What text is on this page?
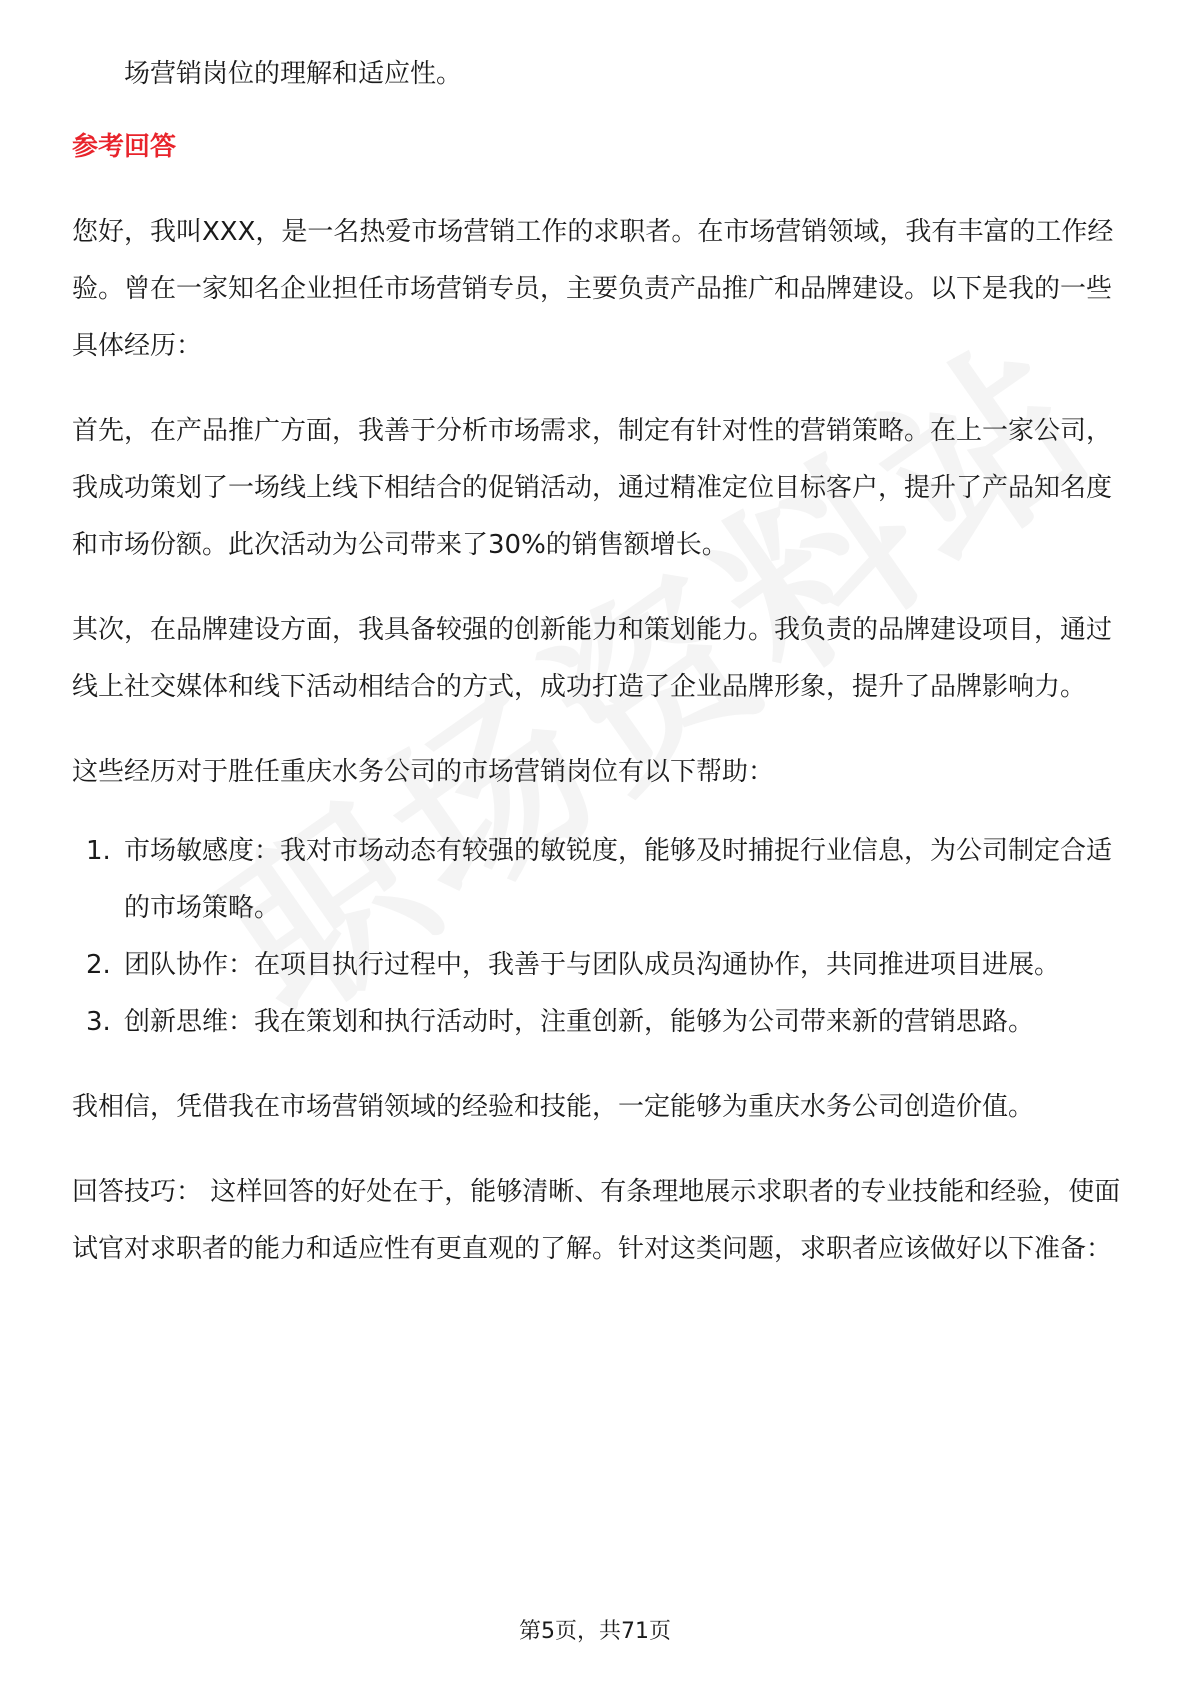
场营销岗位的理解和适应性。

参考回答

您好，我叫XXX，是一名热爱市场营销工作的求职者。在市场营销领域，我有丰富的工作经验。曾在一家知名企业担任市场营销专员，主要负责产品推广和品牌建设。以下是我的一些具体经历：

首先，在产品推广方面，我善于分析市场需求，制定有针对性的营销策略。在上一家公司，我成功策划了一场线上线下相结合的促销活动，通过精准定位目标客户，提升了产品知名度和市场份额。此次活动为公司带来了30%的销售额增长。

其次，在品牌建设方面，我具备较强的创新能力和策划能力。我负责的品牌建设项目，通过线上社交媒体和线下活动相结合的方式，成功打造了企业品牌形象，提升了品牌影响力。

这些经历对于胜任重庆水务公司的市场营销岗位有以下帮助：

1. 市场敏感度：我对市场动态有较强的敏锐度，能够及时捕捉行业信息，为公司制定合适的市场策略。
2. 团队协作：在项目执行过程中，我善于与团队成员沟通协作，共同推进项目进展。
3. 创新思维：我在策划和执行活动时，注重创新，能够为公司带来新的营销思路。

我相信，凭借我在市场营销领域的经验和技能，一定能够为重庆水务公司创造价值。

回答技巧： 这样回答的好处在于，能够清晰、有条理地展示求职者的专业技能和经验，使面试官对求职者的能力和适应性有更直观的了解。针对这类问题，求职者应该做好以下准备：

第5页，共71页
